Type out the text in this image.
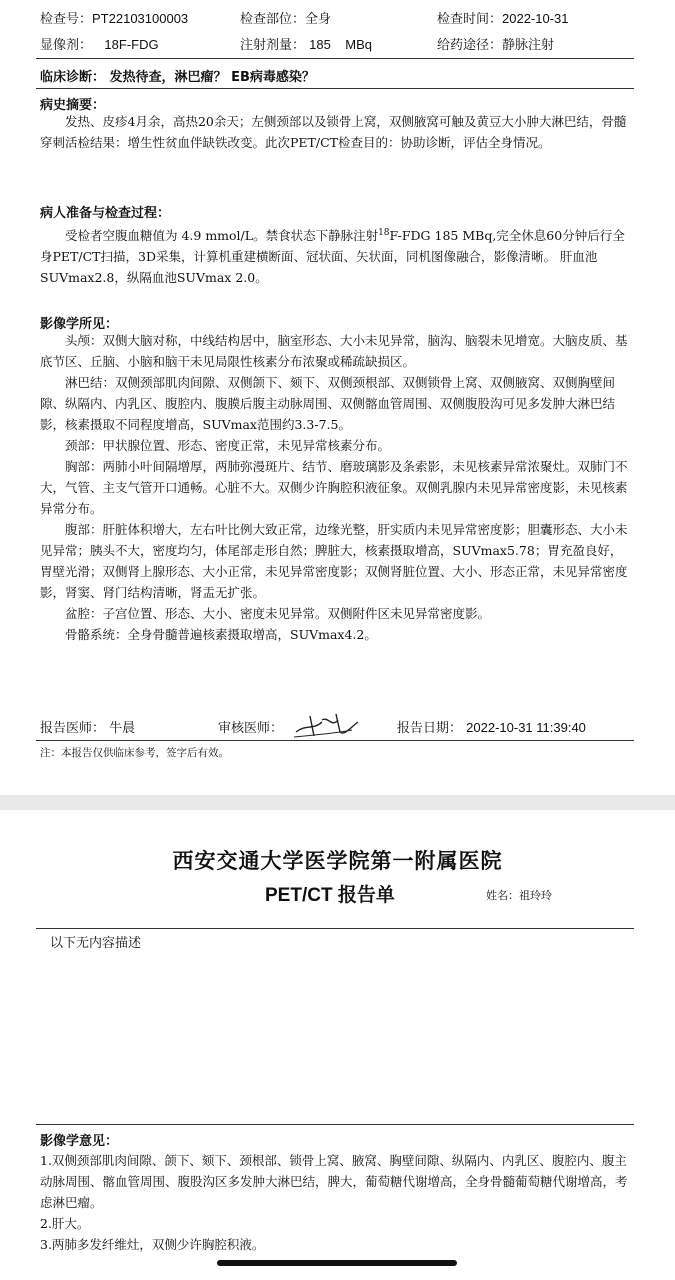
检查号：PT22103100003	检查部位：全身	检查时间：2022-10-31
显像剂： 18F-FDG	注射剂量： 185    MBq	给药途径：静脉注射
临床诊断： 发热待查，淋巴瘤？ EB病毒感染？
病史摘要：

发热、皮疹4月余，高热20余天；左侧颈部以及锁骨上窝，双侧腋窝可触及黄豆大小肿大淋巴结，骨髓穿刺活检结果：增生性贫血伴缺铁改变。此次PET/CT检查目的：协助诊断，评估全身情况。

病人准备与检查过程：

受检者空腹血糖值为 4.9 mmol/L。禁食状态下静脉注射$^{18}$F-FDG 185 MBq,完全休息60分钟后行全身PET/CT扫描，3D采集，计算机重建横断面、冠状面、矢状面，同机图像融合，影像清晰。 肝血池SUVmax2.8，纵隔血池SUVmax 2.0。

影像学所见：

头颅：双侧大脑对称，中线结构居中，脑室形态、大小未见异常，脑沟、脑裂未见增宽。大脑皮质、基底节区、丘脑、小脑和脑干未见局限性核素分布浓聚或稀疏缺损区。

淋巴结：双侧颈部肌肉间隙、双侧颌下、颏下、双侧颈根部、双侧锁骨上窝、双侧腋窝、双侧胸壁间隙、纵隔内、内乳区、腹腔内、腹膜后腹主动脉周围、双侧髂血管周围、双侧腹股沟可见多发肿大淋巴结影，核素摄取不同程度增高，SUVmax范围约3.3-7.5。

颈部：甲状腺位置、形态、密度正常，未见异常核素分布。

胸部：两肺小叶间隔增厚，两肺弥漫斑片、结节、磨玻璃影及条索影，未见核素异常浓聚灶。双肺门不大，气管、主支气管开口通畅。心脏不大。双侧少许胸腔积液征象。双侧乳腺内未见异常密度影，未见核素异常分布。

腹部：肝脏体积增大，左右叶比例大致正常，边缘光整，肝实质内未见异常密度影；胆囊形态、大小未见异常；胰头不大，密度均匀，体尾部走形自然；脾脏大，核素摄取增高，SUVmax5.78；胃充盈良好，胃壁光滑；双侧肾上腺形态、大小正常，未见异常密度影；双侧肾脏位置、大小、形态正常，未见异常密度影，肾窦、肾门结构清晰，肾盂无扩张。

盆腔：子宫位置、形态、大小、密度未见异常。双侧附件区未见异常密度影。

骨骼系统：全身骨髓普遍核素摄取增高，SUVmax4.2。

报告医师： 牛晨	审核医师：	报告日期： 2022-10-31 11:39:40
注：本报告仅供临床参考，签字后有效。
西安交通大学医学院第一附属医院
PET/CT 报告单	姓名：祖玲玲
以下无内容描述
影像学意见：

1.双侧颈部肌肉间隙、颌下、颏下、颈根部、锁骨上窝、腋窝、胸壁间隙、纵隔内、内乳区、腹腔内、腹主动脉周围、髂血管周围、腹股沟区多发肿大淋巴结，脾大，葡萄糖代谢增高，全身骨髓葡萄糖代谢增高，考虑淋巴瘤。

2.肝大。

3.两肺多发纤维灶，双侧少许胸腔积液。
